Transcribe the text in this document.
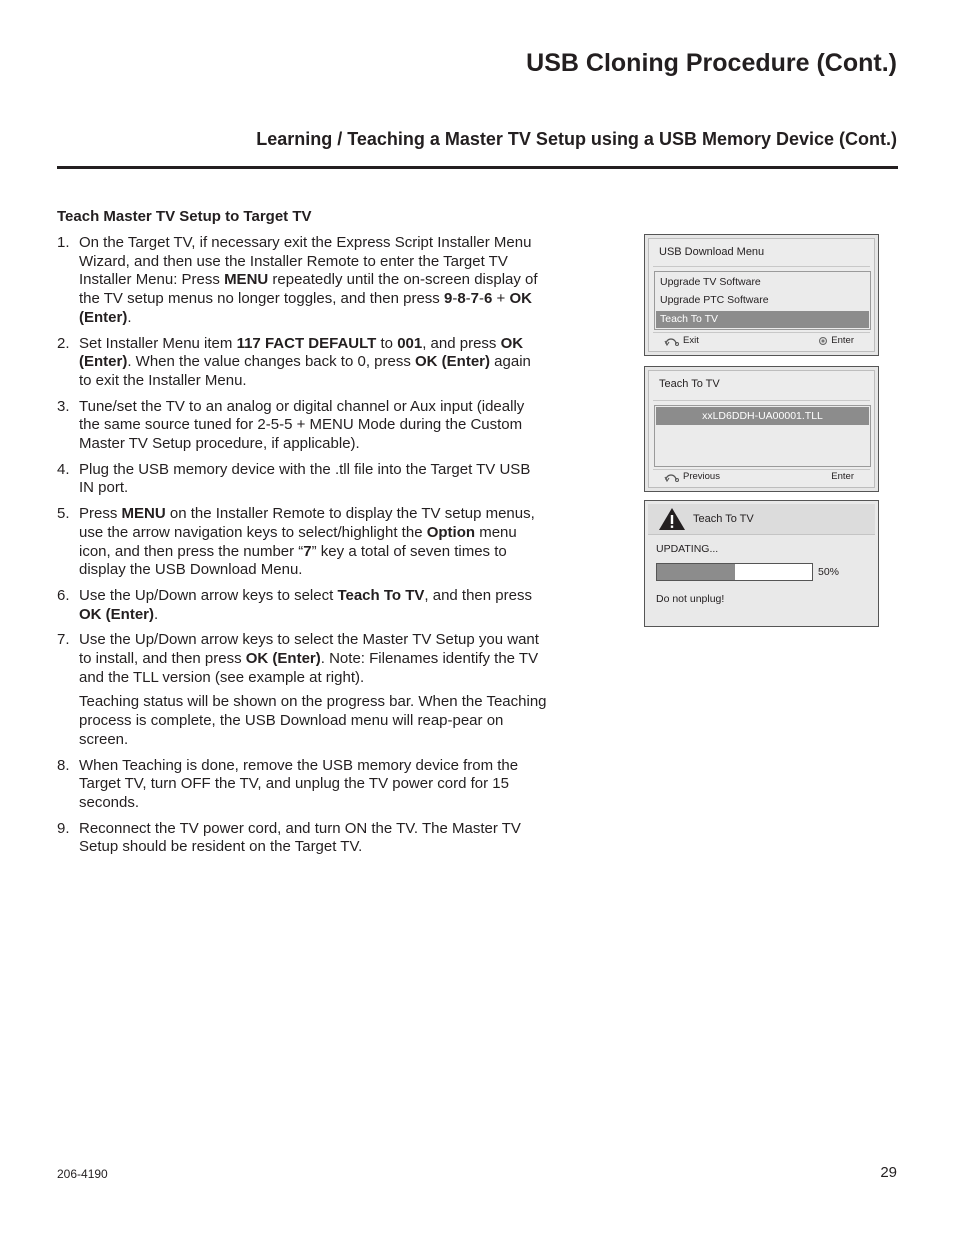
USB Cloning Procedure (Cont.)
Learning / Teaching a Master TV Setup using a USB Memory Device (Cont.)
Teach Master TV Setup to Target TV
1. On the Target TV, if necessary exit the Express Script Installer Menu Wizard, and then use the Installer Remote to enter the Target TV Installer Menu: Press MENU repeatedly until the on-screen display of the TV setup menus no longer toggles, and then press 9-8-7-6 + OK (Enter).

2. Set Installer Menu item 117 FACT DEFAULT to 001, and press OK (Enter). When the value changes back to 0, press OK (Enter) again to exit the Installer Menu.

3. Tune/set the TV to an analog or digital channel or Aux input (ideally the same source tuned for 2-5-5 + MENU Mode during the Custom Master TV Setup procedure, if applicable).

4. Plug the USB memory device with the .tll file into the Target TV USB IN port.

5. Press MENU on the Installer Remote to display the TV setup menus, use the arrow navigation keys to select/highlight the Option menu icon, and then press the number “7” key a total of seven times to display the USB Download Menu.

6. Use the Up/Down arrow keys to select Teach To TV, and then press OK (Enter).

7. Use the Up/Down arrow keys to select the Master TV Setup you want to install, and then press OK (Enter). Note: Filenames identify the TV and the TLL version (see example at right).

Teaching status will be shown on the progress bar. When the Teaching process is complete, the USB Download menu will reap-pear on screen.

8. When Teaching is done, remove the USB memory device from the Target TV, turn OFF the TV, and unplug the TV power cord for 15 seconds.

9. Reconnect the TV power cord, and turn ON the TV. The Master TV Setup should be resident on the Target TV.

USB Download Menu
Upgrade TV Software
Upgrade PTC Software
Teach To TV
Exit	Enter
Teach To TV
xxLD6DDH-UA00001.TLL
Previous	Enter
Teach To TV
UPDATING...
50%
Do not unplug!
206-4190	29
